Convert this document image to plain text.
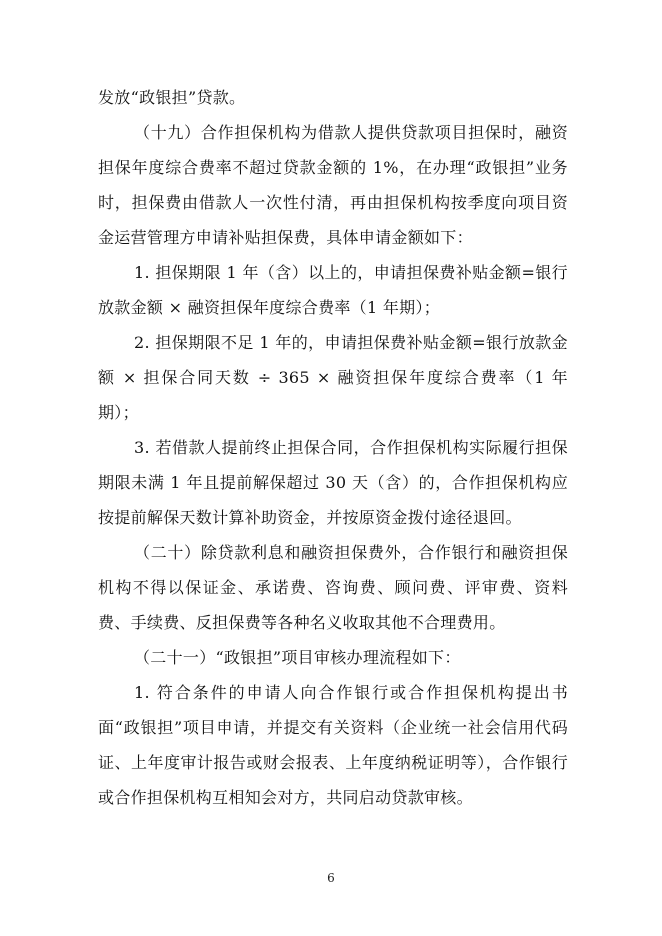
发放“政银担”贷款。

（十九）合作担保机构为借款人提供贷款项目担保时，融资担保年度综合费率不超过贷款金额的 1%，在办理“政银担”业务时，担保费由借款人一次性付清，再由担保机构按季度向项目资金运营管理方申请补贴担保费，具体申请金额如下：

1. 担保期限 1 年（含）以上的，申请担保费补贴金额=银行放款金额 × 融资担保年度综合费率（1 年期）；

2. 担保期限不足 1 年的，申请担保费补贴金额=银行放款金额 × 担保合同天数 ÷ 365 × 融资担保年度综合费率（1 年期）；

3. 若借款人提前终止担保合同，合作担保机构实际履行担保期限未满 1 年且提前解保超过 30 天（含）的，合作担保机构应按提前解保天数计算补助资金，并按原资金拨付途径退回。

（二十）除贷款利息和融资担保费外，合作银行和融资担保机构不得以保证金、承诺费、咨询费、顾问费、评审费、资料费、手续费、反担保费等各种名义收取其他不合理费用。

（二十一）“政银担”项目审核办理流程如下：

1. 符合条件的申请人向合作银行或合作担保机构提出书面“政银担”项目申请，并提交有关资料（企业统一社会信用代码证、上年度审计报告或财会报表、上年度纳税证明等），合作银行或合作担保机构互相知会对方，共同启动贷款审核。

6
